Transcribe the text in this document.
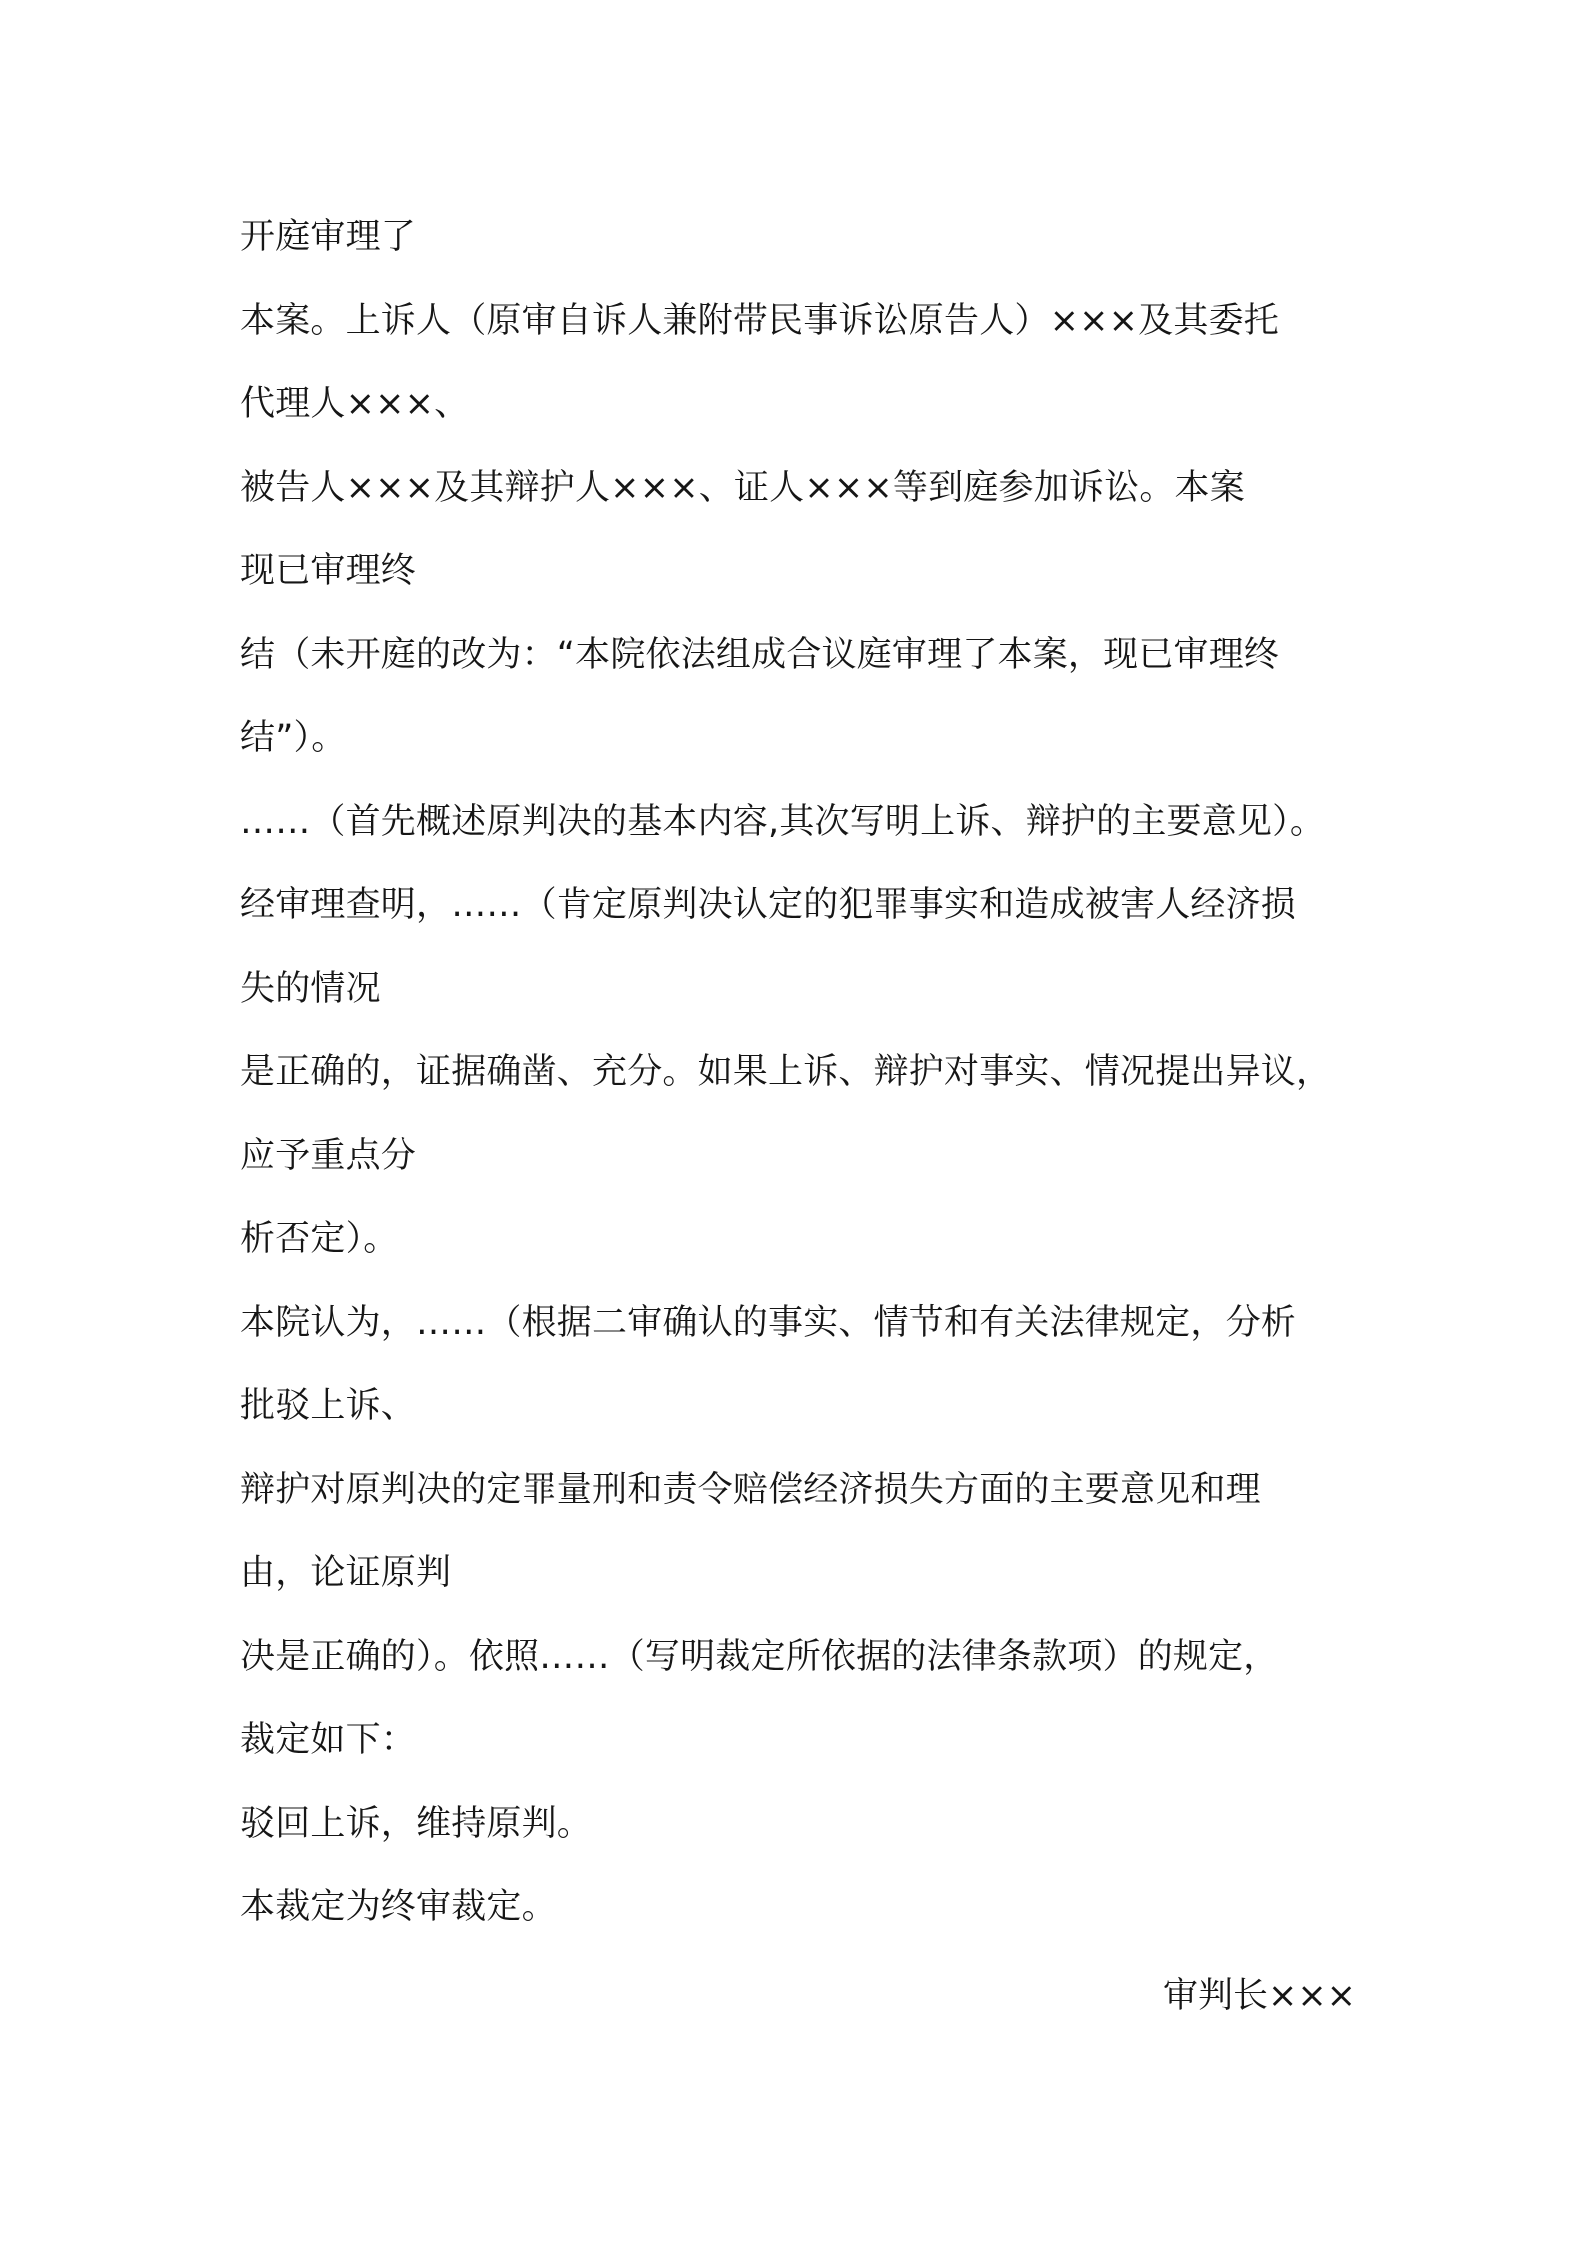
开庭审理了
本案。上诉人（原审自诉人兼附带民事诉讼原告人）×××及其委托
代理人×××、
被告人×××及其辩护人×××、证人×××等到庭参加诉讼。本案
现已审理终
结（未开庭的改为：“本院依法组成合议庭审理了本案，现已审理终
结”）。
……（首先概述原判决的基本内容,其次写明上诉、辩护的主要意见）。
经审理查明，……（肯定原判决认定的犯罪事实和造成被害人经济损
失的情况
是正确的，证据确凿、充分。如果上诉、辩护对事实、情况提出异议，
应予重点分
析否定）。
本院认为，……（根据二审确认的事实、情节和有关法律规定，分析
批驳上诉、
辩护对原判决的定罪量刑和责令赔偿经济损失方面的主要意见和理
由，论证原判
决是正确的）。依照……（写明裁定所依据的法律条款项）的规定，
裁定如下：
驳回上诉，维持原判。
本裁定为终审裁定。
审判长×××
